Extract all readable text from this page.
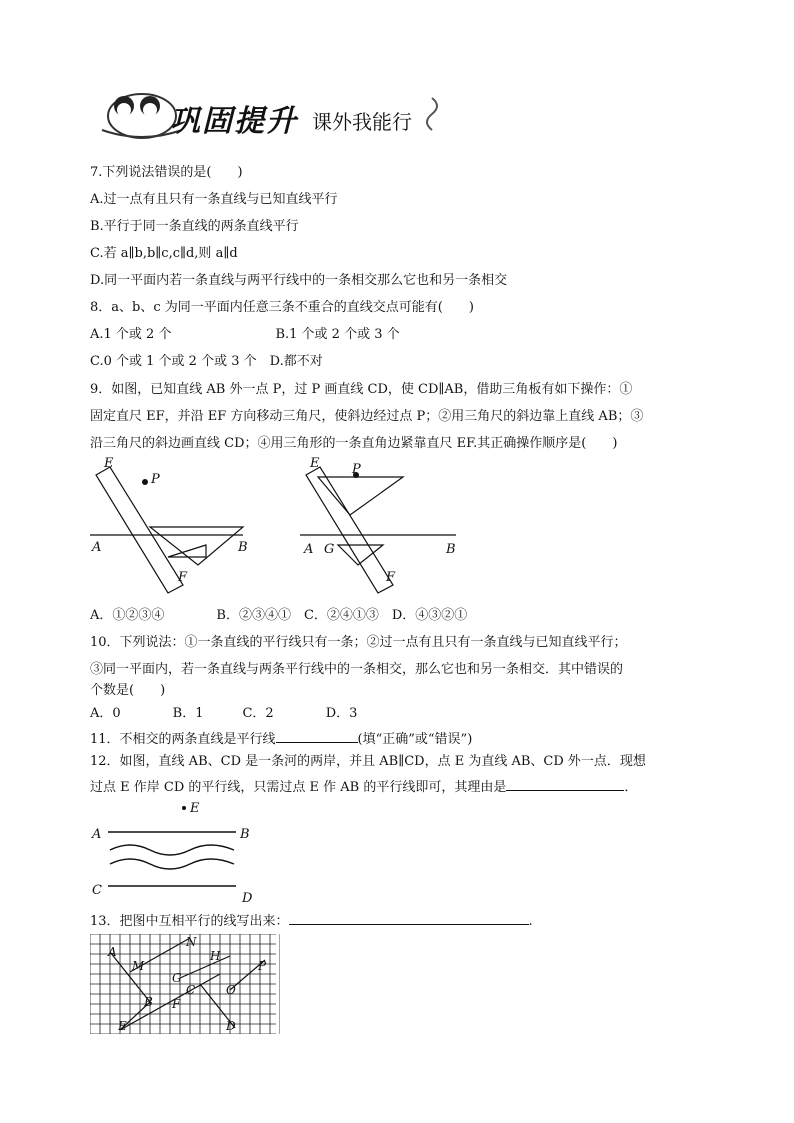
巩固提升 课外我能行
7.下列说法错误的是(　　)
A.过一点有且只有一条直线与已知直线平行
B.平行于同一条直线的两条直线平行
C.若 a∥b,b∥c,c∥d,则 a∥d
D.同一平面内若一条直线与两平行线中的一条相交那么它也和另一条相交
8．a、b、c 为同一平面内任意三条不重合的直线交点可能有(　　)
A.1 个或 2 个　　　　　　　　B.1 个或 2 个或 3 个
C.0 个或 1 个或 2 个或 3 个　D.都不对
9．如图，已知直线 AB 外一点 P，过 P 画直线 CD，使 CD∥AB，借助三角板有如下操作：①
固定直尺 EF，并沿 EF 方向移动三角尺，使斜边经过点 P；②用三角尺的斜边靠上直线 AB；③
沿三角尺的斜边画直线 CD；④用三角形的一条直角边紧靠直尺 EF.其正确操作顺序是(　　)
E
P
A	B
F
E	P
A G	B
F
A．①②③④　　　　B．②③④①　C．②④①③　D．④③②①
10．下列说法：①一条直线的平行线只有一条；②过一点有且只有一条直线与已知直线平行；
③同一平面内，若一条直线与两条平行线中的一条相交，那么它也和另一条相交．其中错误的
个数是(　　)
A．0　　　　B．1　　　C．2　　　　D．3
11．不相交的两条直线是平行线	(填“正确”或“错误”)
12．如图，直线 AB、CD 是一条河的两岸，并且 AB∥CD，点 E 为直线 AB、CD 外一点．现想
过点 E 作岸 CD 的平行线，只需过点 E 作 AB 的平行线即可，其理由是	．
E
A	B
C
D
13．把图中互相平行的线写出来：	.
A
N
M
H
G
P
C	O
B F
E	D
